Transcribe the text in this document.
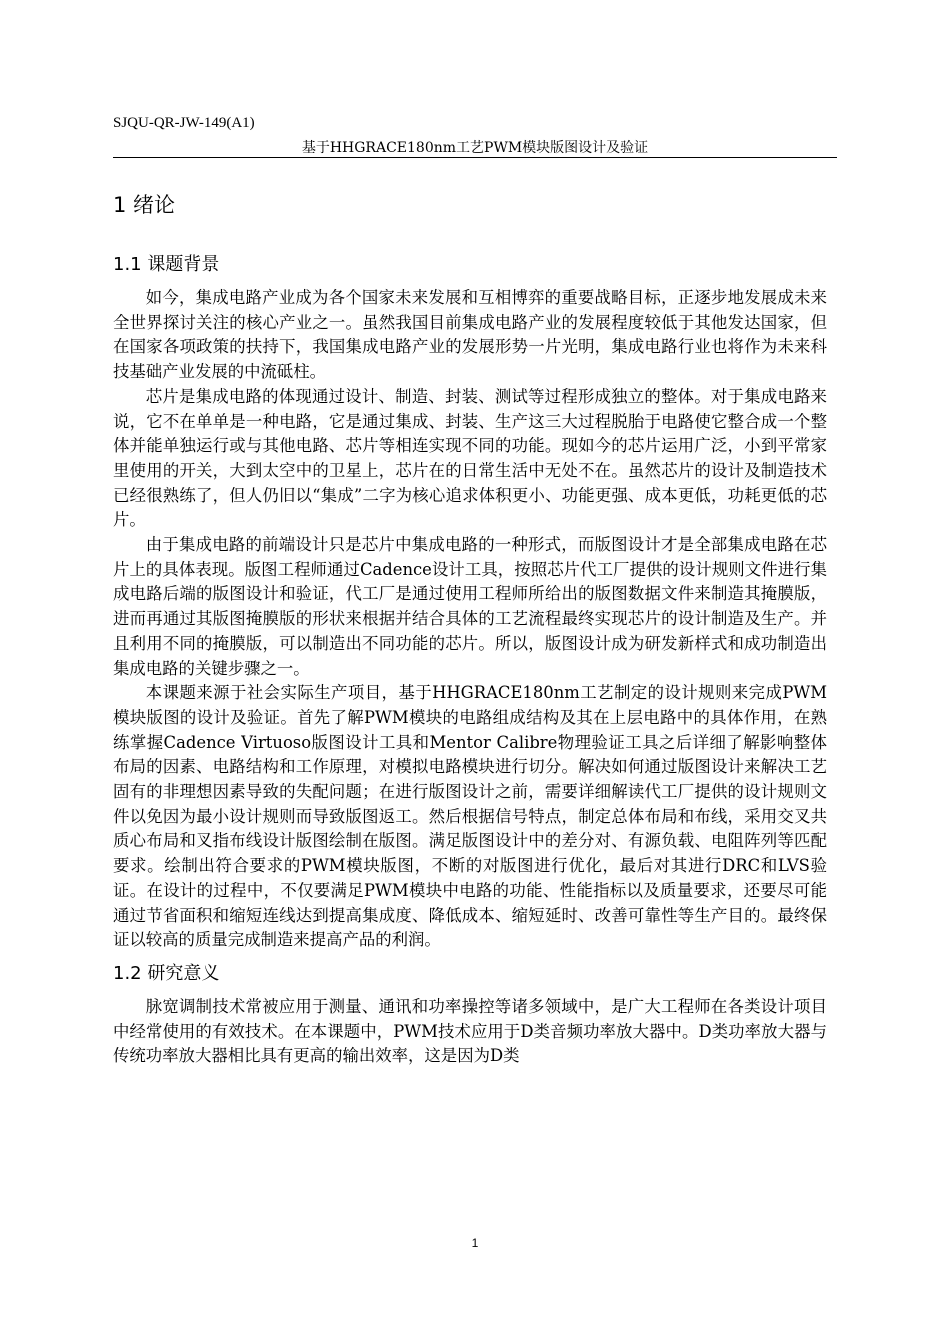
SJQU-QR-JW-149(A1)
基于HHGRACE180nm工艺PWM模块版图设计及验证
1 绪论
1.1 课题背景

如今，集成电路产业成为各个国家未来发展和互相博弈的重要战略目标，正逐步地发展成未来全世界探讨关注的核心产业之一。虽然我国目前集成电路产业的发展程度较低于其他发达国家，但在国家各项政策的扶持下，我国集成电路产业的发展形势一片光明，集成电路行业也将作为未来科技基础产业发展的中流砥柱。

芯片是集成电路的体现通过设计、制造、封装、测试等过程形成独立的整体。对于集成电路来说，它不在单单是一种电路，它是通过集成、封装、生产这三大过程脱胎于电路使它整合成一个整体并能单独运行或与其他电路、芯片等相连实现不同的功能。现如今的芯片运用广泛，小到平常家里使用的开关，大到太空中的卫星上，芯片在的日常生活中无处不在。虽然芯片的设计及制造技术已经很熟练了，但人仍旧以“集成”二字为核心追求体积更小、功能更强、成本更低，功耗更低的芯片。

由于集成电路的前端设计只是芯片中集成电路的一种形式，而版图设计才是全部集成电路在芯片上的具体表现。版图工程师通过Cadence设计工具，按照芯片代工厂提供的设计规则文件进行集成电路后端的版图设计和验证，代工厂是通过使用工程师所给出的版图数据文件来制造其掩膜版，进而再通过其版图掩膜版的形状来根据并结合具体的工艺流程最终实现芯片的设计制造及生产。并且利用不同的掩膜版，可以制造出不同功能的芯片。所以，版图设计成为研发新样式和成功制造出集成电路的关键步骤之一。

本课题来源于社会实际生产项目，基于HHGRACE180nm工艺制定的设计规则来完成PWM模块版图的设计及验证。首先了解PWM模块的电路组成结构及其在上层电路中的具体作用，在熟练掌握Cadence Virtuoso版图设计工具和Mentor Calibre物理验证工具之后详细了解影响整体布局的因素、电路结构和工作原理，对模拟电路模块进行切分。解决如何通过版图设计来解决工艺固有的非理想因素导致的失配问题；在进行版图设计之前，需要详细解读代工厂提供的设计规则文件以免因为最小设计规则而导致版图返工。然后根据信号特点，制定总体布局和布线，采用交叉共质心布局和叉指布线设计版图绘制在版图。满足版图设计中的差分对、有源负载、电阻阵列等匹配要求。绘制出符合要求的PWM模块版图，不断的对版图进行优化，最后对其进行DRC和LVS验证。在设计的过程中，不仅要满足PWM模块中电路的功能、性能指标以及质量要求，还要尽可能通过节省面积和缩短连线达到提高集成度、降低成本、缩短延时、改善可靠性等生产目的。最终保证以较高的质量完成制造来提高产品的利润。

1.2 研究意义

脉宽调制技术常被应用于测量、通讯和功率操控等诸多领域中，是广大工程师在各类设计项目中经常使用的有效技术。在本课题中，PWM技术应用于D类音频功率放大器中。D类功率放大器与传统功率放大器相比具有更高的输出效率，这是因为D类

1
